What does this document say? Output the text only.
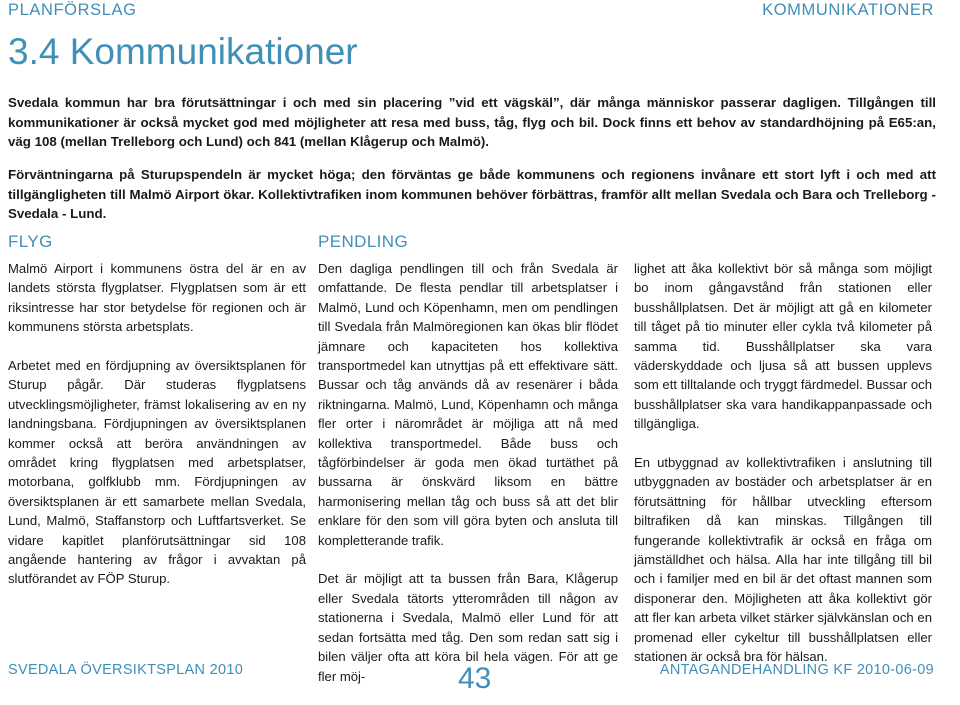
PLANFÖRSLAG	KOMMUNIKATIONER
3.4 Kommunikationer

Svedala kommun har bra förutsättningar i och med sin placering ”vid ett vägskäl”, där många människor passerar dagligen. Tillgången till kommunikationer är också mycket god med möjligheter att resa med buss, tåg, flyg och bil. Dock finns ett behov av standardhöjning på E65:an, väg 108 (mellan Trelleborg och Lund) och 841 (mellan Klågerup och Malmö).

Förväntningarna på Sturupspendeln är mycket höga; den förväntas ge både kommunens och regionens invånare ett stort lyft i och med att tillgängligheten till Malmö Airport ökar. Kollektivtrafiken inom kommunen behöver förbättras, framför allt mellan Svedala och Bara och Trelleborg - Svedala - Lund.

FLYG	PENDLING

Malmö Airport i kommunens östra del är en av landets största flygplatser. Flygplatsen som är ett riksintresse har stor betydelse för regionen och är kommunens största arbetsplats.

Arbetet med en fördjupning av översiktsplanen för Sturup pågår. Där studeras flygplatsens utvecklingsmöjligheter, främst lokalisering av en ny landningsbana. Fördjupningen av översiktsplanen kommer också att beröra användningen av området kring flygplatsen med arbetsplatser, motorbana, golfklubb mm. Fördjupningen av översiktsplanen är ett samarbete mellan Svedala, Lund, Malmö, Staffanstorp och Luftfartsverket. Se vidare kapitlet planförutsättningar sid 108 angående hantering av frågor i avvaktan på slutförandet av FÖP Sturup.

Den dagliga pendlingen till och från Svedala är omfattande. De flesta pendlar till arbetsplatser i Malmö, Lund och Köpenhamn, men om pendlingen till Svedala från Malmöregionen kan ökas blir flödet jämnare och kapaciteten hos kollektiva transportmedel kan utnyttjas på ett effektivare sätt. Bussar och tåg används då av resenärer i båda riktningarna. Malmö, Lund, Köpenhamn och många fler orter i närområdet är möjliga att nå med kollektiva transportmedel. Både buss och tågförbindelser är goda men ökad turtäthet på bussarna är önskvärd liksom en bättre harmonisering mellan tåg och buss så att det blir enklare för den som vill göra byten och ansluta till kompletterande trafik.

Det är möjligt att ta bussen från Bara, Klågerup eller Svedala tätorts ytterområden till någon av stationerna i Svedala, Malmö eller Lund för att sedan fortsätta med tåg. Den som redan satt sig i bilen väljer ofta att köra bil hela vägen. För att ge fler möj-

lighet att åka kollektivt bör så många som möjligt bo inom gångavstånd från stationen eller busshållplatsen. Det är möjligt att gå en kilometer till tåget på tio minuter eller cykla två kilometer på samma tid. Busshållplatser ska vara väderskyddade och ljusa så att bussen upplevs som ett tilltalande och tryggt färdmedel. Bussar och busshållplatser ska vara handikappanpassade och tillgängliga.

En utbyggnad av kollektivtrafiken i anslutning till utbyggnaden av bostäder och arbetsplatser är en förutsättning för hållbar utveckling eftersom biltrafiken då kan minskas. Tillgången till fungerande kollektivtrafik är också en fråga om jämställdhet och hälsa. Alla har inte tillgång till bil och i familjer med en bil är det oftast mannen som disponerar den. Möjligheten att åka kollektivt gör att fler kan arbeta vilket stärker självkänslan och en promenad eller cykeltur till busshållplatsen eller stationen är också bra för hälsan.

SVEDALA ÖVERSIKTSPLAN 2010	43	ANTAGANDEHANDLING KF 2010-06-09
